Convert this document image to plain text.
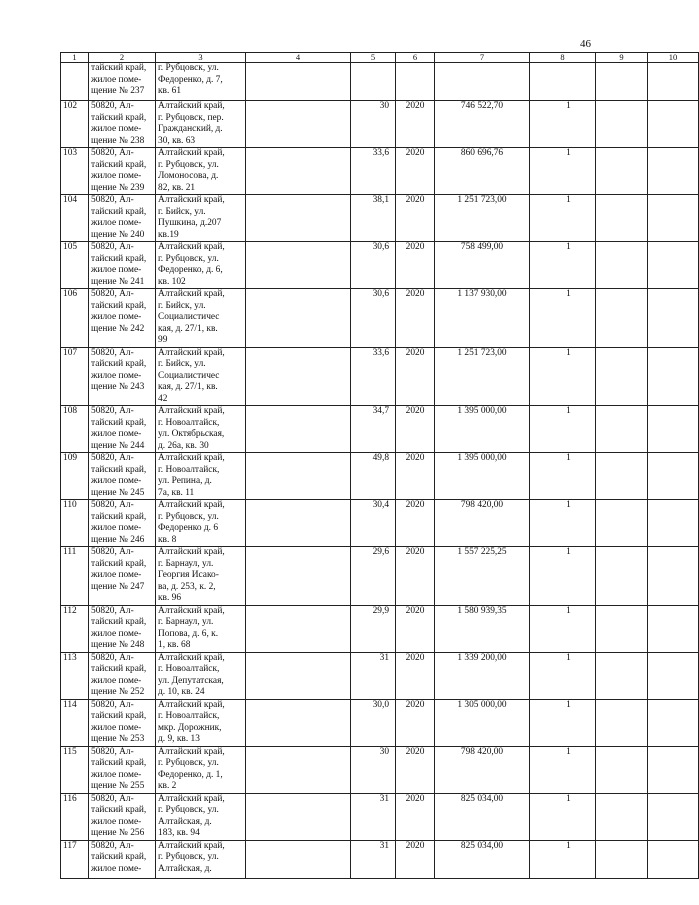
46
1	2	3	4	5	6	7	8	9	10
	тайский край,
жилое поме-
щение № 237	г. Рубцовск, ул.
Федоренко, д. 7,
кв. 61							
102	50820, Ал-
тайский край,
жилое поме-
щение № 238	Алтайский край,
г. Рубцовск, пер.
Гражданский, д.
30, кв. 63		30	2020	746 522,70	1		
103	50820, Ал-
тайский край,
жилое поме-
щение № 239	Алтайский край,
г. Рубцовск, ул.
Ломоносова, д.
82, кв. 21		33,6	2020	860 696,76	1		
104	50820, Ал-
тайский край,
жилое поме-
щение № 240	Алтайский край,
г. Бийск, ул.
Пушкина, д.207
кв.19		38,1	2020	1 251 723,00	1		
105	50820, Ал-
тайский край,
жилое поме-
щение № 241	Алтайский край,
г. Рубцовск, ул.
Федоренко, д. 6,
кв. 102		30,6	2020	758 499,00	1		
106	50820, Ал-
тайский край,
жилое поме-
щение № 242	Алтайский край,
г. Бийск, ул.
Социалистичес
кая, д. 27/1, кв.
99		30,6	2020	1 137 930,00	1		
107	50820, Ал-
тайский край,
жилое поме-
щение № 243	Алтайский край,
г. Бийск, ул.
Социалистичес
кая, д. 27/1, кв.
42		33,6	2020	1 251 723,00	1		
108	50820, Ал-
тайский край,
жилое поме-
щение № 244	Алтайский край,
г. Новоалтайск,
ул. Октябрьская,
д. 26а, кв. 30		34,7	2020	1 395 000,00	1		
109	50820, Ал-
тайский край,
жилое поме-
щение № 245	Алтайский край,
г. Новоалтайск,
ул. Репина, д.
7а, кв. 11		49,8	2020	1 395 000,00	1		
110	50820, Ал-
тайский край,
жилое поме-
щение № 246	Алтайский край,
г. Рубцовск, ул.
Федоренко д. 6
кв. 8		30,4	2020	798 420,00	1		
111	50820, Ал-
тайский край,
жилое поме-
щение № 247	Алтайский край,
г. Барнаул, ул.
Георгия Исако-
ва, д. 253, к. 2,
кв. 96		29,6	2020	1 557 225,25	1		
112	50820, Ал-
тайский край,
жилое поме-
щение № 248	Алтайский край,
г. Барнаул, ул.
Попова, д. 6, к.
1, кв. 68		29,9	2020	1 580 939,35	1		
113	50820, Ал-
тайский край,
жилое поме-
щение № 252	Алтайский край,
г. Новоалтайск,
ул. Депутатская,
д. 10, кв. 24		31	2020	1 339 200,00	1		
114	50820, Ал-
тайский край,
жилое поме-
щение № 253	Алтайский край,
г. Новоалтайск,
мкр. Дорожник,
д. 9, кв. 13		30,0	2020	1 305 000,00	1		
115	50820, Ал-
тайский край,
жилое поме-
щение № 255	Алтайский край,
г. Рубцовск, ул.
Федоренко, д. 1,
кв. 2		30	2020	798 420,00	1		
116	50820, Ал-
тайский край,
жилое поме-
щение № 256	Алтайский край,
г. Рубцовск, ул.
Алтайская, д.
183, кв. 94		31	2020	825 034,00	1		
117	50820, Ал-
тайский край,
жилое поме-	Алтайский край,
г. Рубцовск, ул.
Алтайская, д.		31	2020	825 034,00	1		
